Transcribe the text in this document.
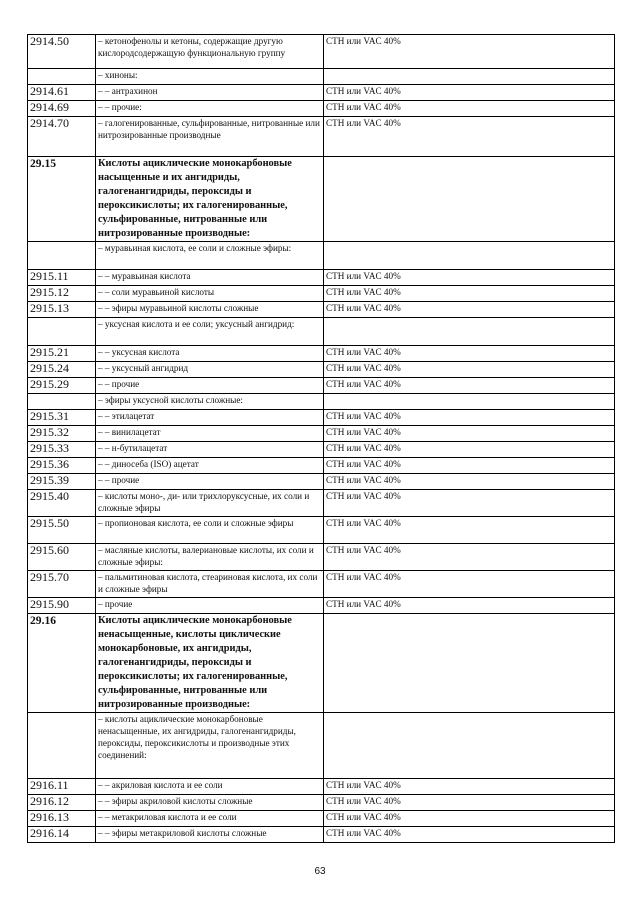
2914.50	– кетонофенолы и кетоны, содержащие другую кислородсодержащую функциональную группу	СТН или VAC 40%
	– хиноны:	
2914.61	– – антрахинон	СТН или VAC 40%
2914.69	– – прочие:	СТН или VAC 40%
2914.70	– галогенированные, сульфированные, нитрованные или нитрозированные производные	СТН или VAC 40%
29.15	Кислоты ациклические монокарбоновые насыщенные и их ангидриды, галогенангидриды, пероксиды и пероксикислоты; их галогенированные, сульфированные, нитрованные или нитрозированные производные:	
	– муравьиная кислота, ее соли и сложные эфиры:	
2915.11	– – муравьиная кислота	СТН или VAC 40%
2915.12	– – соли муравьиной кислоты	СТН или VAC 40%
2915.13	– – эфиры муравьиной кислоты сложные	СТН или VAC 40%
	– уксусная кислота и ее соли; уксусный ангидрид:	
2915.21	– – уксусная кислота	СТН или VAC 40%
2915.24	– – уксусный ангидрид	СТН или VAC 40%
2915.29	– – прочие	СТН или VAC 40%
	– эфиры уксусной кислоты сложные:	
2915.31	– – этилацетат	СТН или VAC 40%
2915.32	– – винилацетат	СТН или VAC 40%
2915.33	– – н-бутилацетат	СТН или VAC 40%
2915.36	– – диносеба (ISO) ацетат	СТН или VAC 40%
2915.39	– – прочие	СТН или VAC 40%
2915.40	– кислоты моно-, ди- или трихлоруксусные, их соли и сложные эфиры	СТН или VAC 40%
2915.50	– пропионовая кислота, ее соли и сложные эфиры	СТН или VAC 40%
2915.60	– масляные кислоты, валериановые кислоты, их соли и сложные эфиры:	СТН или VAC 40%
2915.70	– пальмитиновая кислота, стеариновая кислота, их соли и сложные эфиры	СТН или VAC 40%
2915.90	– прочие	СТН или VAC 40%
29.16	Кислоты ациклические монокарбоновые ненасыщенные, кислоты циклические монокарбоновые, их ангидриды, галогенангидриды, пероксиды и пероксикислоты; их галогенированные, сульфированные, нитрованные или нитрозированные производные:	
	– кислоты ациклические монокарбоновые ненасыщенные, их ангидриды, галогенангидриды, пероксиды, пероксикислоты и производные этих соединений:	
2916.11	– – акриловая кислота и ее соли	СТН или VAC 40%
2916.12	– – эфиры акриловой кислоты сложные	СТН или VAC 40%
2916.13	– – метакриловая кислота и ее соли	СТН или VAC 40%
2916.14	– – эфиры метакриловой кислоты сложные	СТН или VAC 40%
63
